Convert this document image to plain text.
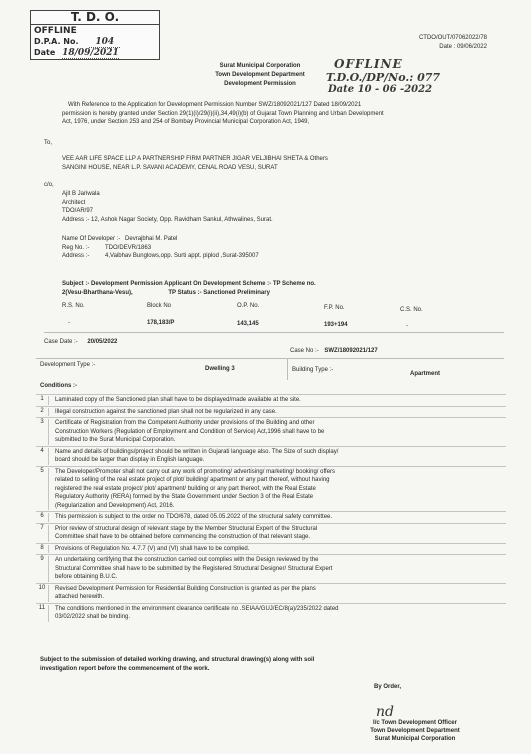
T. D. O.
OFFLINE
D.P.A. No. 104
Date 18/09/2021
CTDO/OUT/07062022/78
Date : 09/06/2022
Surat Municipal Corporation
Town Development Department
Development Permission
OFFLINE
T.D.O./DP/No.: 077
Date 10 - 06 -2022
With Reference to the Application for Development Permission Number SWZ/18092021/127 Dated 18/09/2021
permission is hereby granted under Section 29(1)(i)/29(i)(ii),34,49(i)(b) of Gujarat Town Planning and Urban Development
Act, 1976, under Section 253 and 254 of Bombay Provincial Municipal Corporation Act, 1949,
To,
VEE AAR LIFE SPACE LLP A PARTNERSHIP FIRM PARTNER JIGAR VELJIBHAI SHETA & Others
SANGINI HOUSE, NEAR L.P. SAVANI ACADEMY, CENAL ROAD VESU, SURAT
c/o,
Ajit B Jariwala
Architect
TDO/AR/97
Address :- 12, Ashok Nagar Society, Opp. Ravidham Sankul, Athwalines, Surat.
Name Of Developer :- Devrajbhai M. Patel
Reg No. :-	TDO/DEVR/1863
Address :-	4,Vaibhav Bunglows,opp. Surti appt. piplod ,Surat-395007
Subject :- Development Permission Applicant On Development Scheme :- TP Scheme no.
2(Vesu-Bharthana-Vesu),	TP Status :- Sanctioned Preliminary
R.S. No.	Block No	O.P. No.	F.P. No.	C.S. No.
-	178,183/P	143,145	193+194	-
Case Date :- 20/05/2022
Case No :- SWZ/18092021/127
Development Type :-
Dwelling 3	Building Type :-
Apartment
Conditions :-
1	Laminated copy of the Sanctioned plan shall have to be displayed/made available at the site.
2	Illegal construction against the sanctioned plan shall not be regularized in any case.
3	Certificate of Registration from the Competent Authority under provisions of the Building and other
Construction Workers (Regulation of Employment and Condition of Service) Act,1996 shall have to be
submitted to the Surat Municipal Corporation.
4	Name and details of buildings/project should be written in Gujarati language also. The Size of such display/
board should be larger than display in English language.
5	The Developer/Promoter shall not carry out any work of promoting/ advertising/ marketing/ booking/ offers
related to selling of the real estate project of plot/ building/ apartment or any part thereof, without having
registered the real estate project/ plot/ apartment/ building or any part thereof, with the Real Estate
Regulatory Authority (RERA) formed by the State Government under Section 3 of the Real Estate
(Regularization and Development) Act, 2016.
6	This permission is subject to the order no TDO/678, dated 05.05.2022 of the structural safety committee.
7	Prior review of structural design of relevant stage by the Member Structural Expert of the Structural
Committee shall have to be obtained before commencing the construction of that relevant stage.
8	Provisions of Regulation No. 4.7.7 (V) and (VI) shall have to be complied.
9	An undertaking certifying that the construction carried out complies with the Design reviewed by the
Structural Committee shall have to be submitted by the Registered Structural Designer/ Structural Expert
before obtaining B.U.C.
10	Revised Development Permission for Residential Building Construction is granted as per the plans
attached herewith.
11	The conditions mentioned in the environment clearance certificate no .SEIAA/GUJ/EC/8(a)/235/2022 dated
03/02/2022 shall be binding.
Subject to the submission of detailed working drawing, and structural drawing(s) along with soil
investigation report before the commencement of the work.
By Order,
nd
I/c Town Development Officer
Town Development Department
Surat Municipal Corporation
